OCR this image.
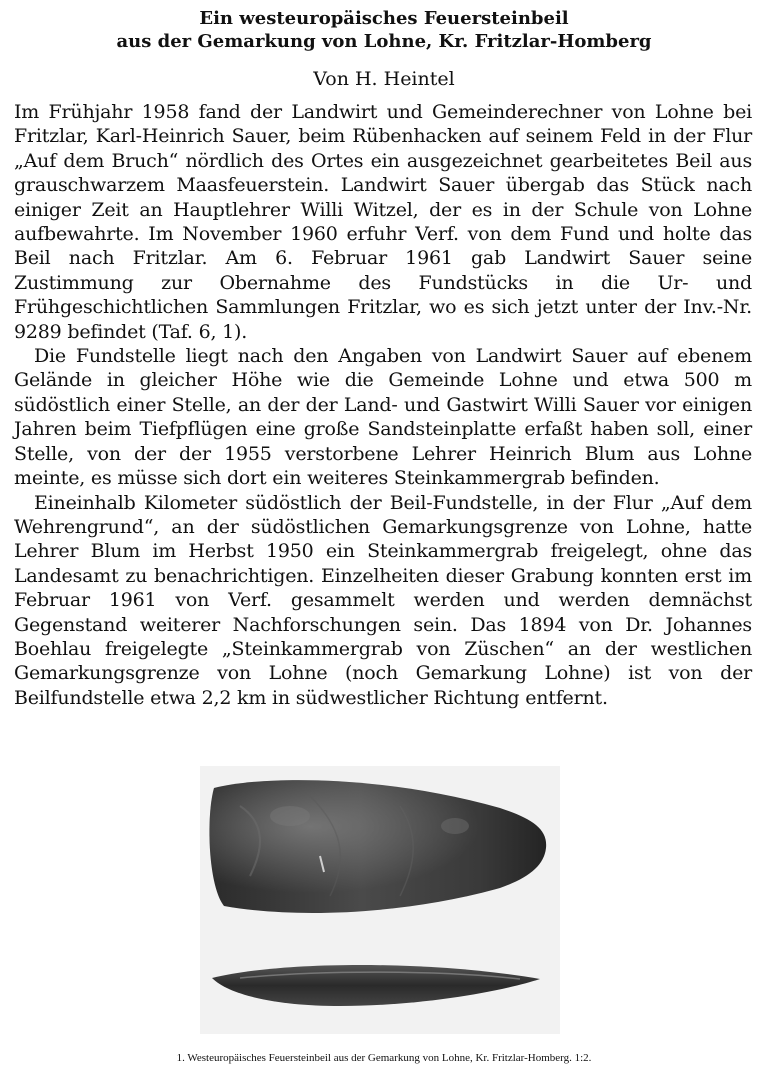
Ein westeuropäisches Feuersteinbeil
aus der Gemarkung von Lohne, Kr. Fritzlar-Homberg
Von H. Heintel

Im Frühjahr 1958 fand der Landwirt und Gemeinderechner von Lohne bei Fritzlar, Karl-Heinrich Sauer, beim Rübenhacken auf seinem Feld in der Flur „Auf dem Bruch“ nördlich des Ortes ein ausgezeichnet gearbeitetes Beil aus grauschwarzem Maasfeuerstein. Landwirt Sauer übergab das Stück nach einiger Zeit an Hauptlehrer Willi Witzel, der es in der Schule von Lohne aufbewahrte. Im November 1960 erfuhr Verf. von dem Fund und holte das Beil nach Fritzlar. Am 6. Februar 1961 gab Landwirt Sauer seine Zustimmung zur Obernahme des Fundstücks in die Ur- und Frühgeschichtlichen Sammlungen Fritzlar, wo es sich jetzt unter der Inv.-Nr. 9289 befindet (Taf. 6, 1).

Die Fundstelle liegt nach den Angaben von Landwirt Sauer auf ebenem Gelände in gleicher Höhe wie die Gemeinde Lohne und etwa 500 m südöstlich einer Stelle, an der der Land- und Gastwirt Willi Sauer vor einigen Jahren beim Tiefpflügen eine große Sandsteinplatte erfaßt haben soll, einer Stelle, von der der 1955 verstorbene Lehrer Heinrich Blum aus Lohne meinte, es müsse sich dort ein weiteres Steinkammergrab befinden.

Eineinhalb Kilometer südöstlich der Beil-Fundstelle, in der Flur „Auf dem Wehrengrund“, an der südöstlichen Gemarkungsgrenze von Lohne, hatte Lehrer Blum im Herbst 1950 ein Steinkammergrab freigelegt, ohne das Landesamt zu benachrichtigen. Einzelheiten dieser Grabung konnten erst im Februar 1961 von Verf. gesammelt werden und werden demnächst Gegenstand weiterer Nachforschungen sein. Das 1894 von Dr. Johannes Boehlau freigelegte „Steinkammergrab von Züschen“ an der westlichen Gemarkungsgrenze von Lohne (noch Gemarkung Lohne) ist von der Beilfundstelle etwa 2,2 km in südwestlicher Richtung entfernt.

1. Westeuropäisches Feuersteinbeil aus der Gemarkung von Lohne, Kr. Fritzlar-Homberg. 1:2.
